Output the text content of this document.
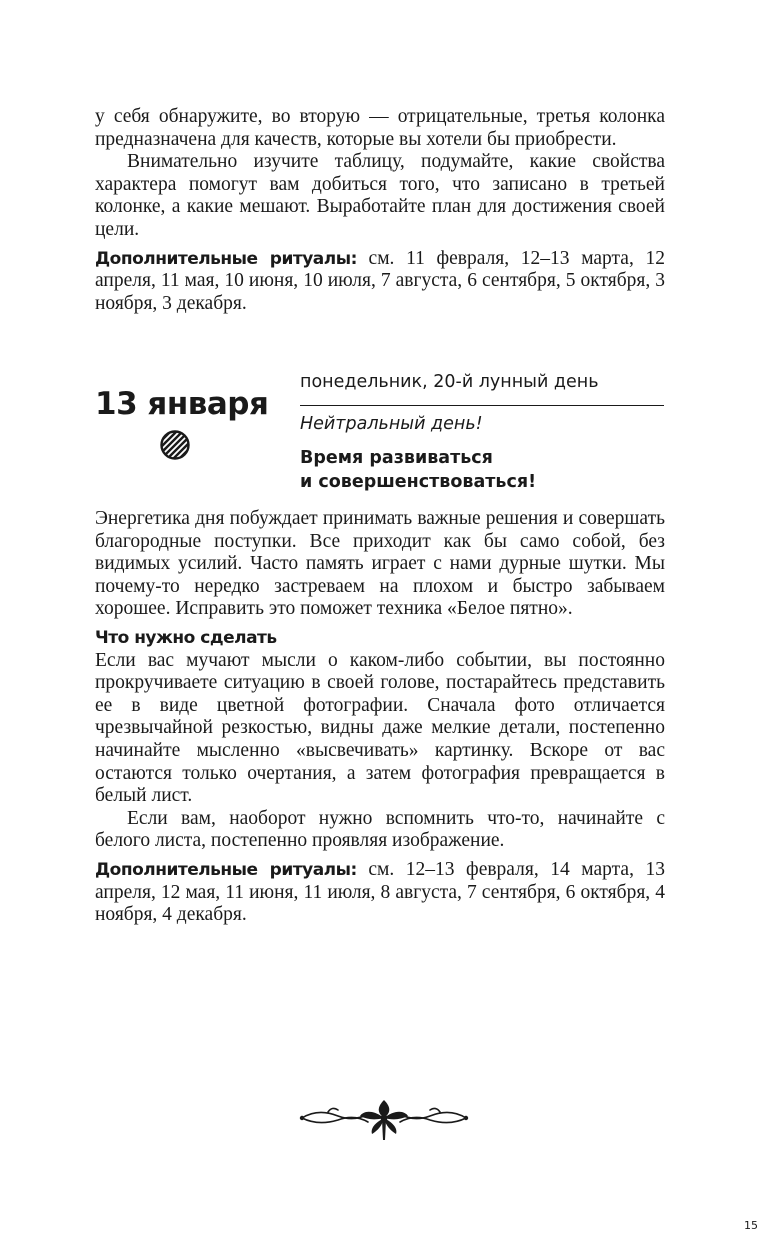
у себя обнаружите, во вторую — отрицательные, третья колонка предназначена для качеств, которые вы хотели бы приобрести.

Внимательно изучите таблицу, подумайте, какие свойства характера помогут вам добиться того, что записано в третьей колонке, а какие мешают. Выработайте план для достижения своей цели.

Дополнительные ритуалы: см. 11 февраля, 12–13 марта, 12 апреля, 11 мая, 10 июня, 10 июля, 7 августа, 6 сентября, 5 октября, 3 ноября, 3 декабря.

13 января

понедельник, 20-й лунный день

Нейтральный день!

Время развиваться
и совершенствоваться!

Энергетика дня побуждает принимать важные решения и совершать благородные поступки. Все приходит как бы само собой, без видимых усилий. Часто память играет с нами дурные шутки. Мы почему-то нередко застреваем на плохом и быстро забываем хорошее. Исправить это поможет техника «Белое пятно».

Что нужно сделать

Если вас мучают мысли о каком-либо событии, вы постоянно прокручиваете ситуацию в своей голове, постарайтесь представить ее в виде цветной фотографии. Сначала фото отличается чрезвычайной резкостью, видны даже мелкие детали, постепенно начинайте мысленно «высвечивать» картинку. Вскоре от вас остаются только очертания, а затем фотография превращается в белый лист.

Если вам, наоборот нужно вспомнить что-то, начинайте с белого листа, постепенно проявляя изображение.

Дополнительные ритуалы: см. 12–13 февраля, 14 марта, 13 апреля, 12 мая, 11 июня, 11 июля, 8 августа, 7 сентября, 6 октября, 4 ноября, 4 декабря.

15
